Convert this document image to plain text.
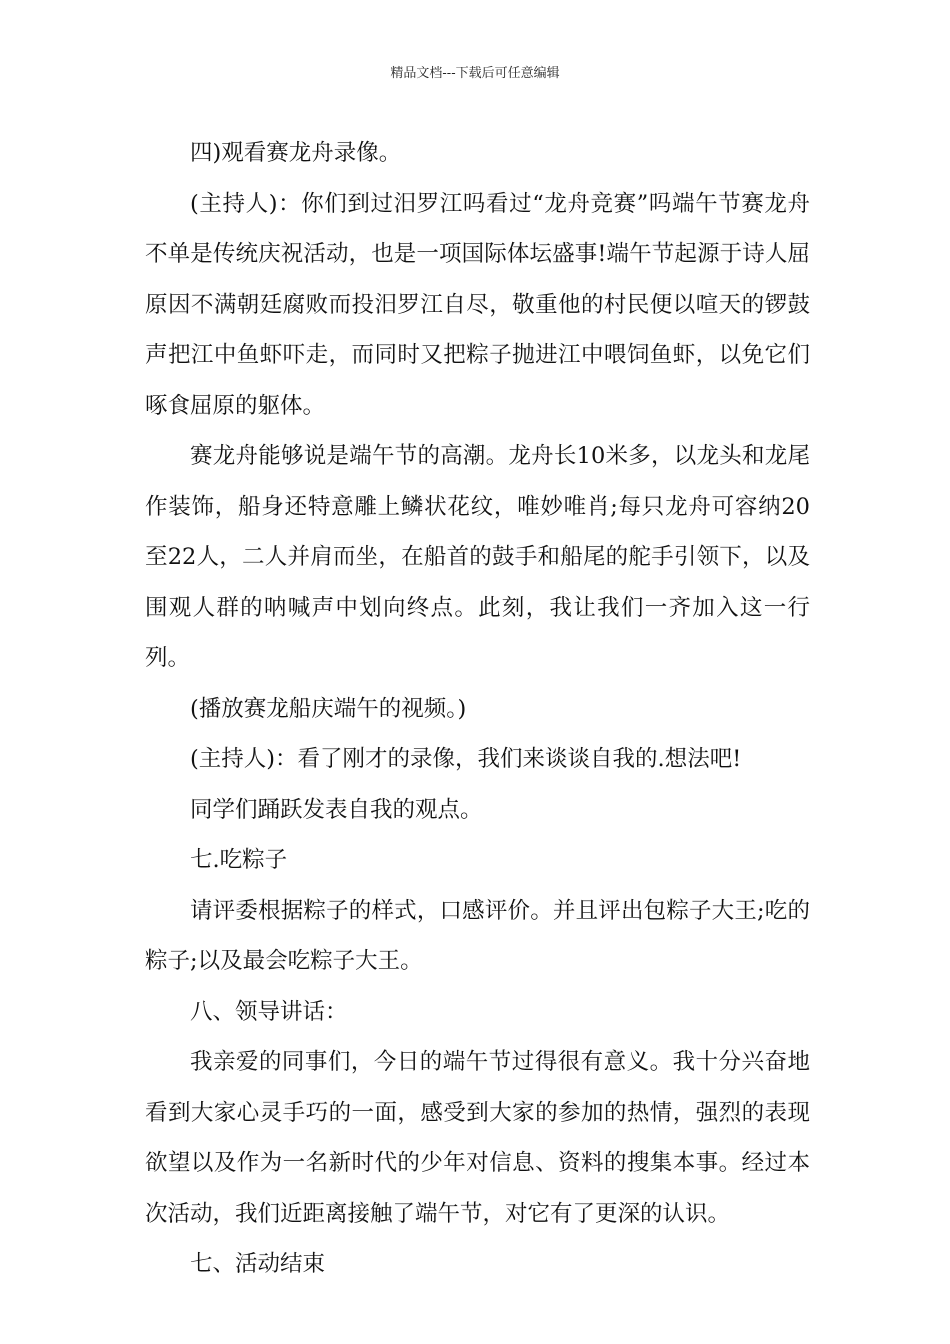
精品文档---下载后可任意编辑

四)观看赛龙舟录像。

(主持人)：你们到过汨罗江吗看过“龙舟竞赛”吗端午节赛龙舟不单是传统庆祝活动，也是一项国际体坛盛事!端午节起源于诗人屈原因不满朝廷腐败而投汨罗江自尽，敬重他的村民便以喧天的锣鼓声把江中鱼虾吓走，而同时又把粽子抛进江中喂饲鱼虾，以免它们啄食屈原的躯体。

赛龙舟能够说是端午节的高潮。龙舟长10米多，以龙头和龙尾作装饰，船身还特意雕上鳞状花纹，唯妙唯肖;每只龙舟可容纳20至22人，二人并肩而坐，在船首的鼓手和船尾的舵手引领下，以及围观人群的呐喊声中划向终点。此刻，我让我们一齐加入这一行列。

(播放赛龙船庆端午的视频。)

(主持人)：看了刚才的录像，我们来谈谈自我的.想法吧!

同学们踊跃发表自我的观点。

七.吃粽子

请评委根据粽子的样式，口感评价。并且评出包粽子大王;吃的粽子;以及最会吃粽子大王。

八、领导讲话：

我亲爱的同事们，今日的端午节过得很有意义。我十分兴奋地看到大家心灵手巧的一面，感受到大家的参加的热情，强烈的表现欲望以及作为一名新时代的少年对信息、资料的搜集本事。经过本次活动，我们近距离接触了端午节，对它有了更深的认识。

七、活动结束
